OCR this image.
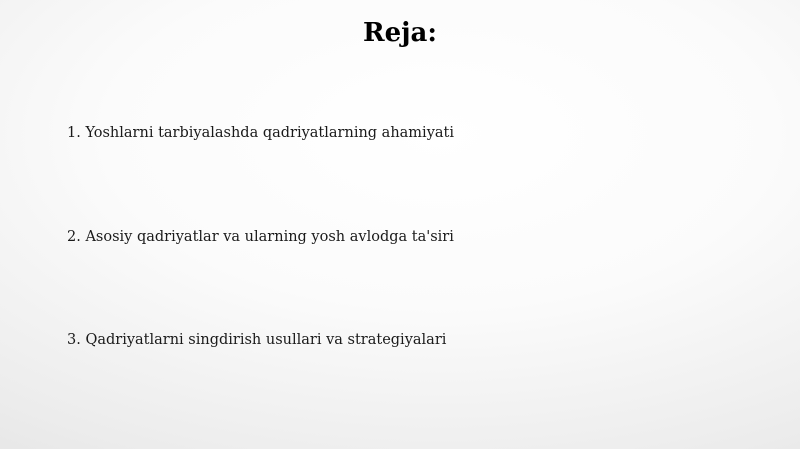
Reja:
1. Yoshlarni tarbiyalashda qadriyatlarning ahamiyati
2. Asosiy qadriyatlar va ularning yosh avlodga ta'siri
3. Qadriyatlarni singdirish usullari va strategiyalari
